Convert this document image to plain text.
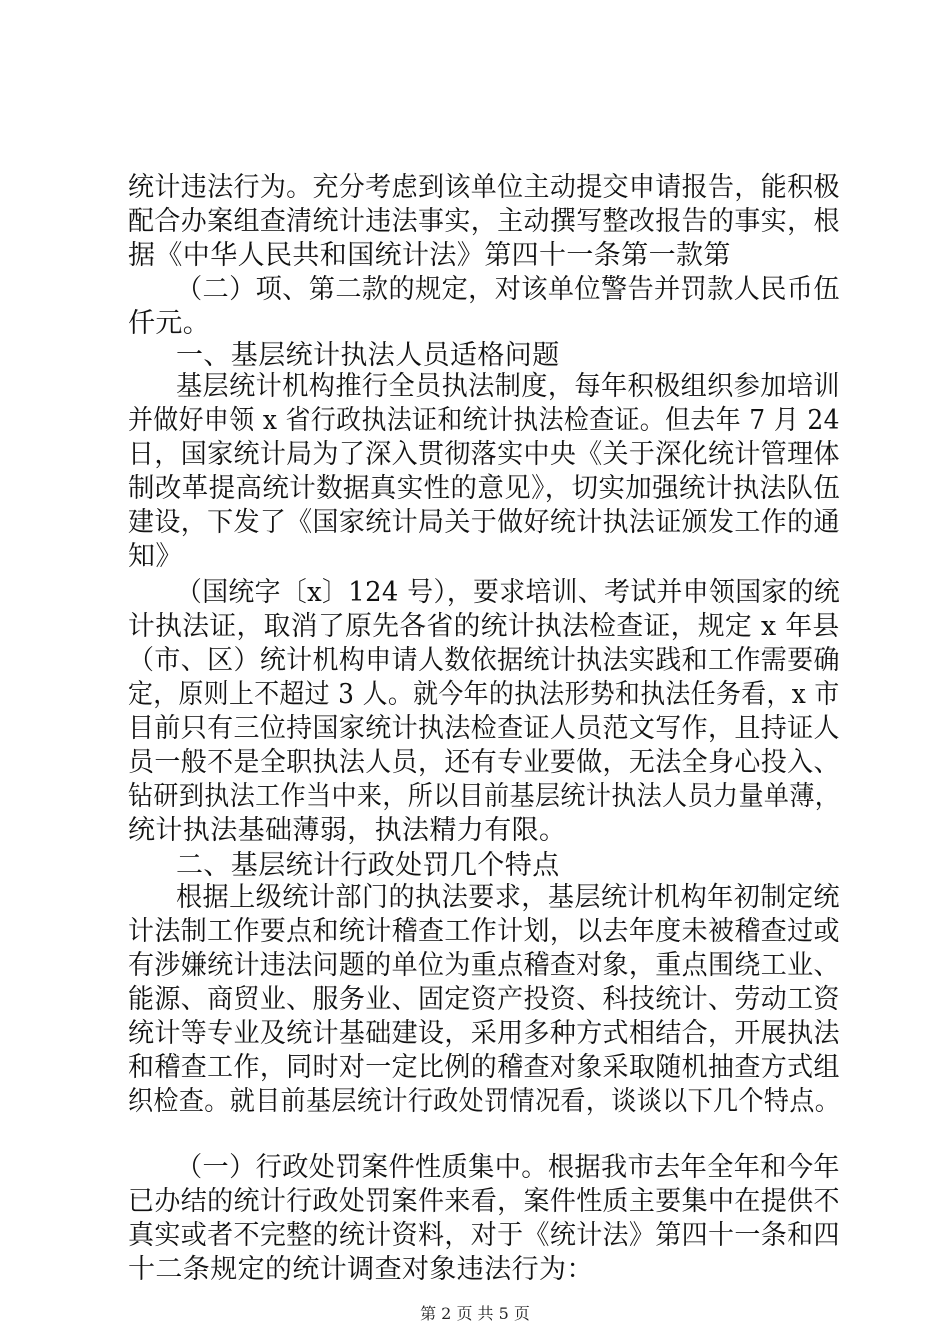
统计违法行为。充分考虑到该单位主动提交申请报告，能积极
配合办案组查清统计违法事实，主动撰写整改报告的事实，根
据《中华人民共和国统计法》第四十一条第一款第
（二）项、第二款的规定，对该单位警告并罚款人民币伍
仟元。
一、基层统计执法人员适格问题
基层统计机构推行全员执法制度，每年积极组织参加培训
并做好申领 x 省行政执法证和统计执法检查证。但去年 7 月 24
日，国家统计局为了深入贯彻落实中央《关于深化统计管理体
制改革提高统计数据真实性的意见》，切实加强统计执法队伍
建设，下发了《国家统计局关于做好统计执法证颁发工作的通
知》
（国统字〔x〕124 号），要求培训、考试并申领国家的统
计执法证，取消了原先各省的统计执法检查证，规定 x 年县
（市、区）统计机构申请人数依据统计执法实践和工作需要确
定，原则上不超过 3 人。就今年的执法形势和执法任务看，x 市
目前只有三位持国家统计执法检查证人员范文写作，且持证人
员一般不是全职执法人员，还有专业要做，无法全身心投入、
钻研到执法工作当中来，所以目前基层统计执法人员力量单薄，
统计执法基础薄弱，执法精力有限。
二、基层统计行政处罚几个特点
根据上级统计部门的执法要求，基层统计机构年初制定统
计法制工作要点和统计稽查工作计划，以去年度未被稽查过或
有涉嫌统计违法问题的单位为重点稽查对象，重点围绕工业、
能源、商贸业、服务业、固定资产投资、科技统计、劳动工资
统计等专业及统计基础建设，采用多种方式相结合，开展执法
和稽查工作，同时对一定比例的稽查对象采取随机抽查方式组
织检查。就目前基层统计行政处罚情况看，谈谈以下几个特点。
（一）行政处罚案件性质集中。根据我市去年全年和今年
已办结的统计行政处罚案件来看，案件性质主要集中在提供不
真实或者不完整的统计资料，对于《统计法》第四十一条和四
十二条规定的统计调查对象违法行为：
第 2 页 共 5 页
